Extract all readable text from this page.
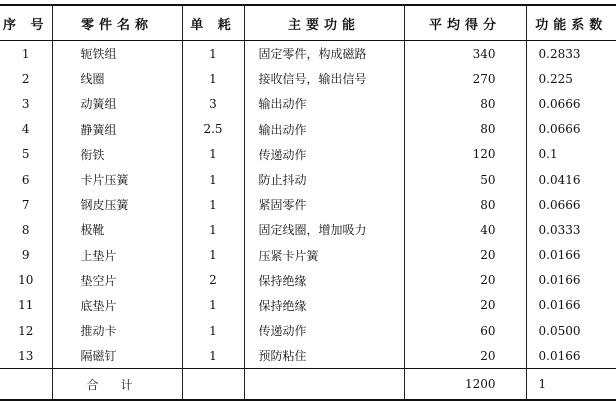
序 号	零件名称	单 耗	主要功能	平均得分	功能系数
1	轭铁组	1	固定零件，构成磁路	340	0.2833
2	线圈	1	接收信号，输出信号	270	0.225
3	动簧组	3	输出动作	80	0.0666
4	静簧组	2.5	输出动作	80	0.0666
5	衔铁	1	传递动作	120	0.1
6	卡片压簧	1	防止抖动	50	0.0416
7	钢皮压簧	1	紧固零件	80	0.0666
8	极靴	1	固定线圈，增加吸力	40	0.0333
9	上垫片	1	压紧卡片簧	20	0.0166
10	垫空片	2	保持绝缘	20	0.0166
11	底垫片	1	保持绝缘	20	0.0166
12	推动卡	1	传递动作	60	0.0500
13	隔磁钉	1	预防粘住	20	0.0166
	合计			1200	1
